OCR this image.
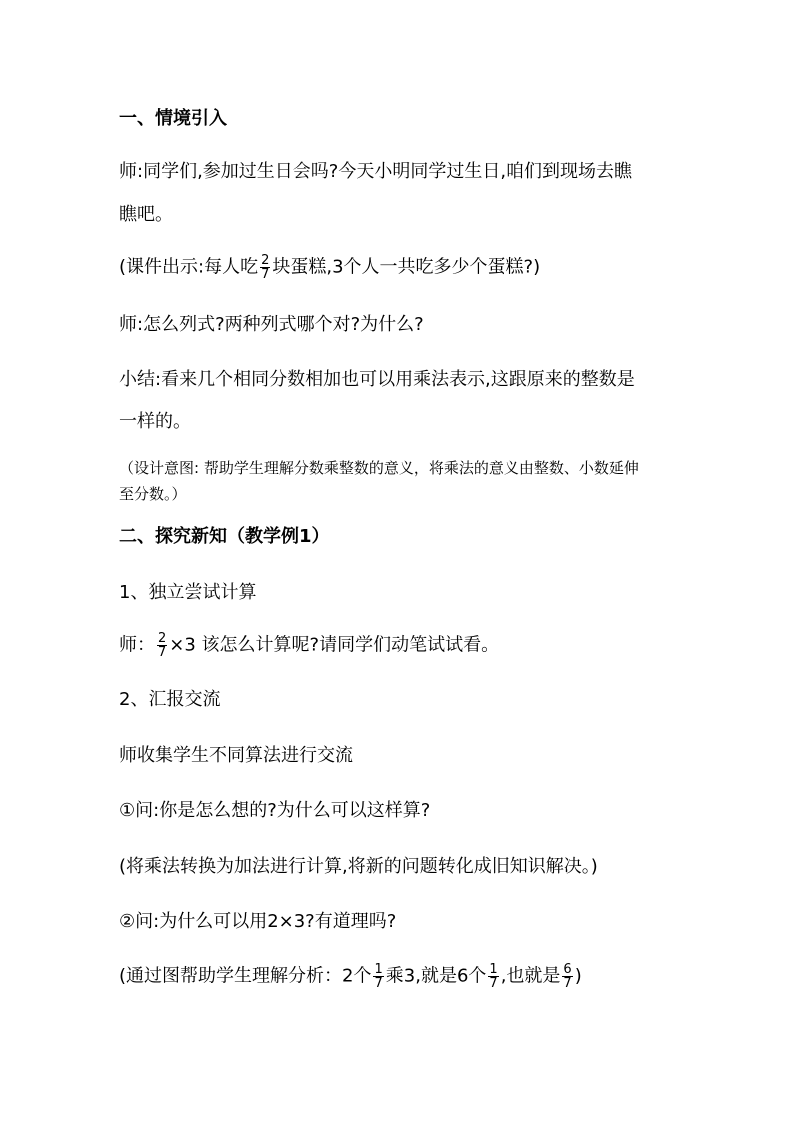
一、情境引入
师:同学们,参加过生日会吗?今天小明同学过生日,咱们到现场去瞧
瞧吧。
(课件出示:每人吃 $\frac{2}{7}$ 块蛋糕,3个人一共吃多少个蛋糕?)
师:怎么列式?两种列式哪个对?为什么?
小结:看来几个相同分数相加也可以用乘法表示,这跟原来的整数是
一样的。
（设计意图: 帮助学生理解分数乘整数的意义，将乘法的意义由整数、小数延伸
至分数。）
二、探究新知（教学例1）
1、独立尝试计算
师： $\frac{2}{7} \times 3$ 该怎么计算呢?请同学们动笔试试看。
2、汇报交流
师收集学生不同算法进行交流
①问:你是怎么想的?为什么可以这样算?
(将乘法转换为加法进行计算,将新的问题转化成旧知识解决。)
②问:为什么可以用2×3?有道理吗?
(通过图帮助学生理解分析：2个 $\frac{1}{7}$ 乘3,就是6个 $\frac{1}{7}$ ,也就是 $\frac{6}{7}$ )
